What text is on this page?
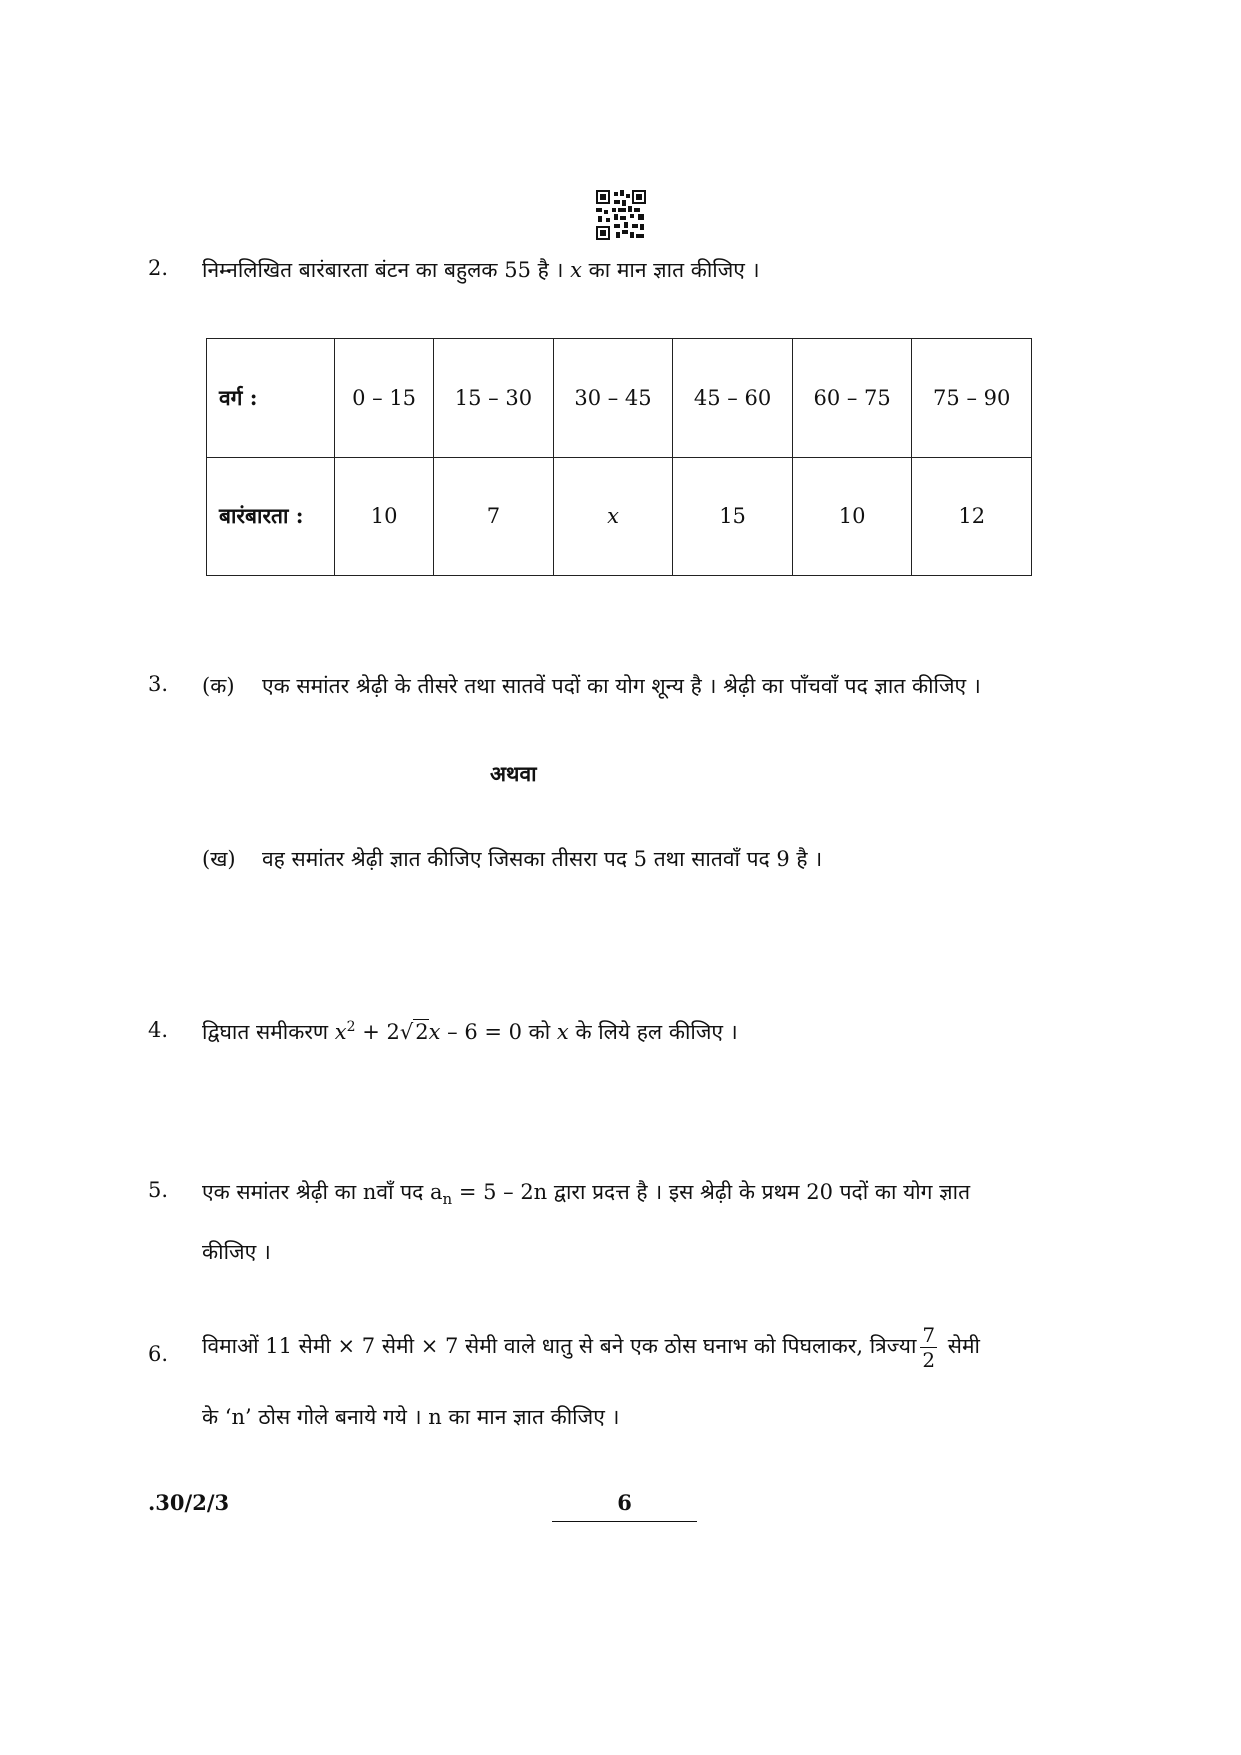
2. निम्नलिखित बारंबारता बंटन का बहुलक 55 है । x का मान ज्ञात कीजिए ।
वर्ग :	0 – 15	15 – 30	30 – 45	45 – 60	60 – 75	75 – 90
बारंबारता :	10	7	x	15	10	12
3. (क) एक समांतर श्रेढ़ी के तीसरे तथा सातवें पदों का योग शून्य है । श्रेढ़ी का पाँचवाँ पद ज्ञात कीजिए ।
अथवा
(ख) वह समांतर श्रेढ़ी ज्ञात कीजिए जिसका तीसरा पद 5 तथा सातवाँ पद 9 है ।
4. द्विघात समीकरण $x^2 + 2√2x - 6 = 0$ को x के लिये हल कीजिए ।
5. एक समांतर श्रेढ़ी का nवाँ पद $a_n = 5 - 2n$ द्वारा प्रदत्त है । इस श्रेढ़ी के प्रथम 20 पदों का योग ज्ञात
कीजिए ।
6. विमाओं 11 सेमी × 7 सेमी × 7 सेमी वाले धातु से बने एक ठोस घनाभ को पिघलाकर, त्रिज्या $\frac{7}{2}$ सेमी
के ‘n’ ठोस गोले बनाये गये । n का मान ज्ञात कीजिए ।
.30/2/3	6
